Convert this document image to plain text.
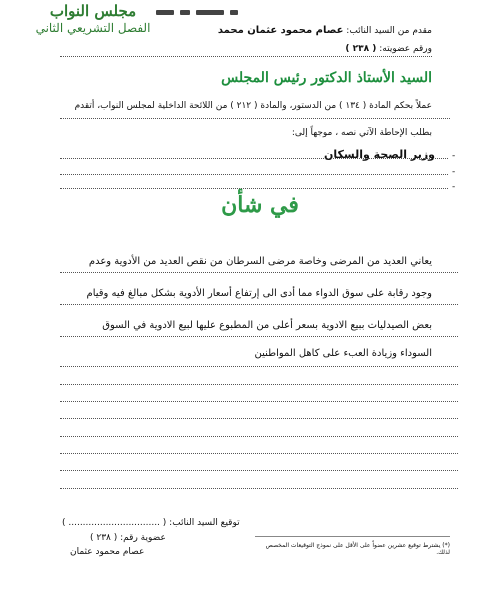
مجلس النواب
الفصل التشريعي الثاني	مقدم من السيد النائب: عصام محمود عثمان محمد
ورقم عضويته: ( ٢٣٨ )
السيد الأستاذ الدكتور رئيس المجلس
عملاً بحكم المادة ( ١٣٤ ) من الدستور، والمادة ( ٢١٢ ) من اللائحة الداخلية لمجلس النواب، أتقدم
بطلب الإحاطة الآتي نصه ، موجهاً إلى:
وزير الصحة والسكان -
-
-
في شأن
يعاني العديد من المرضى وخاصة مرضى السرطان من نقص العديد من الأدوية وعدم
وجود رقابة على سوق الدواء مما أدى الى إرتفاع أسعار الأدوية بشكل مبالغ فيه وقيام
بعض الصيدليات ببيع الادوية بسعر أعلى من المطبوع عليها لبيع الادوية في السوق
السوداء وزيادة العبء على كاهل المواطنين
توقيع السيد النائب: ( ................................ )
عضوية رقم: ( ٢٣٨ )
عصام محمود عثمان
(*) يشترط توقيع عشرين عضواً على الأقل على نموذج التوقيعات المخصص لذلك.
